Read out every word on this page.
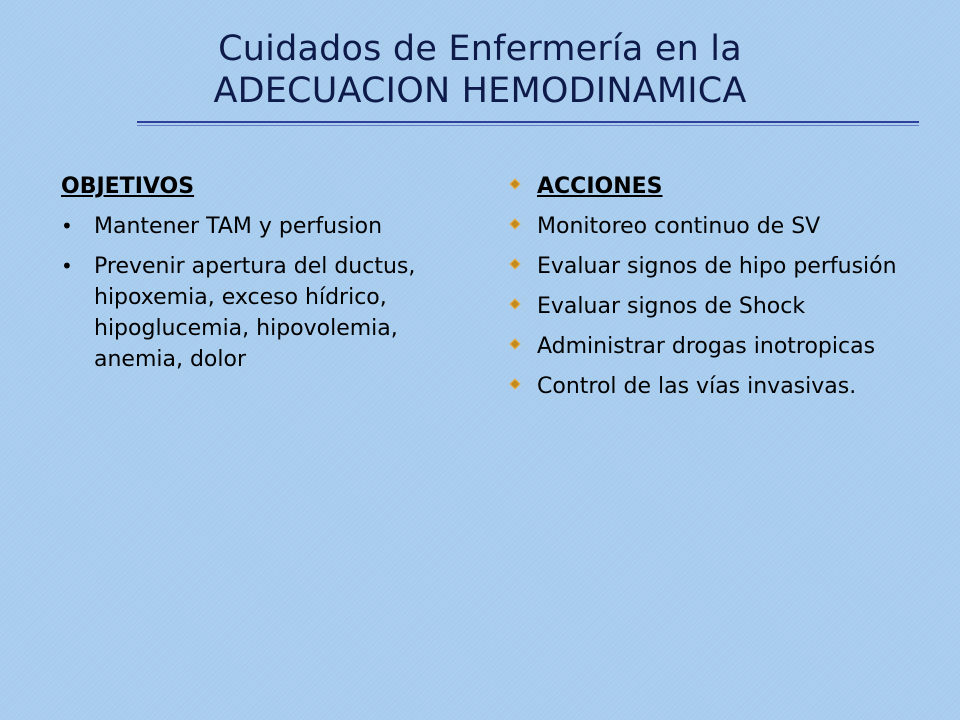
Cuidados de Enfermería en la
ADECUACION HEMODINAMICA
OBJETIVOS
• Mantener TAM y perfusion
• Prevenir apertura del ductus, hipoxemia, exceso hídrico, hipoglucemia, hipovolemia, anemia, dolor
ACCIONES
Monitoreo continuo de SV
Evaluar signos de hipo perfusión
Evaluar signos de Shock
Administrar drogas inotropicas
Control de las vías invasivas.
